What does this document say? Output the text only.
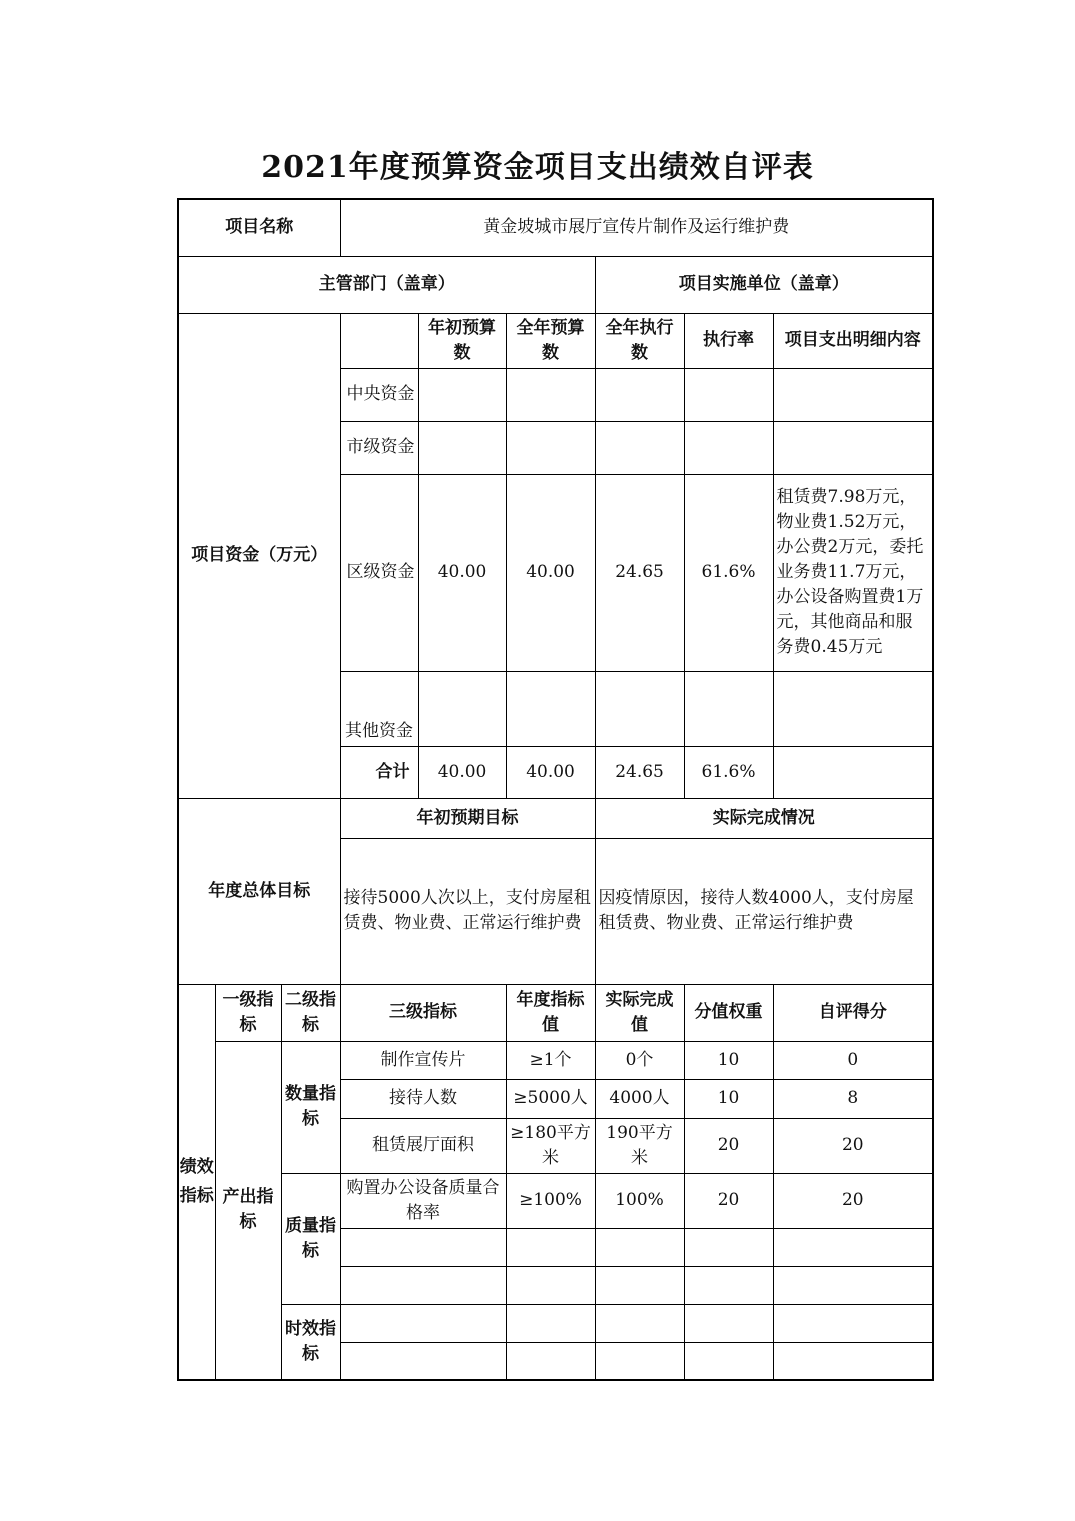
2021年度预算资金项目支出绩效自评表
项目名称			黄金坡城市展厅宣传片制作及运行维护费					
主管部门（盖章）						项目实施单位（盖章）		
项目资金（万元）				年初预算数	全年预算数	全年执行数	执行率	项目支出明细内容
			中央资金					
			市级资金					
			区级资金	40.00	40.00	24.65	61.6%	租赁费7.98万元，物业费1.52万元，办公费2万元，委托业务费11.7万元，办公设备购置费1万元，其他商品和服务费0.45万元
			其他资金					
			合计	40.00	40.00	24.65	61.6%	

年度总体目标			年初预期目标			实际完成情况		
			接待5000人次以上，支付房屋租赁费、物业费、正常运行维护费			因疫情原因，接待人数4000人，支付房屋租赁费、物业费、正常运行维护费		
绩效指标	一级指标	二级指标	三级指标		年度指标值	实际完成值	分值权重	自评得分
	产出指标	数量指标	制作宣传片		≥1个	0个	10	0
			接待人数		≥5000人	4000人	10	8
			租赁展厅面积		≥180平方米	190平方米	20	20
		质量指标	购置办公设备质量合格率		≥100%	100%	20	20

		时效指标						
